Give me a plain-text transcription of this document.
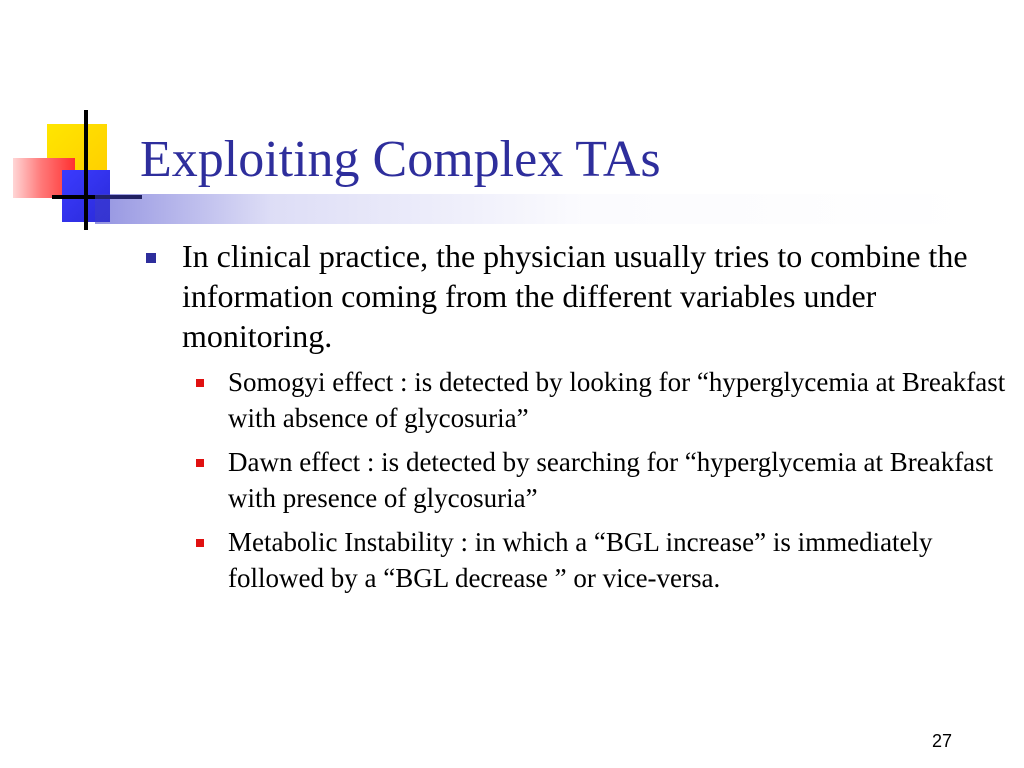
Exploiting Complex TAs
In clinical practice, the physician usually tries to combine the information coming from the different variables under monitoring.
Somogyi effect : is detected by looking for “hyperglycemia at Breakfast with absence of glycosuria”
Dawn effect : is detected by searching for “hyperglycemia at Breakfast with presence of glycosuria”
Metabolic Instability : in which a “BGL increase” is immediately followed by a “BGL decrease ” or vice-versa.
27
